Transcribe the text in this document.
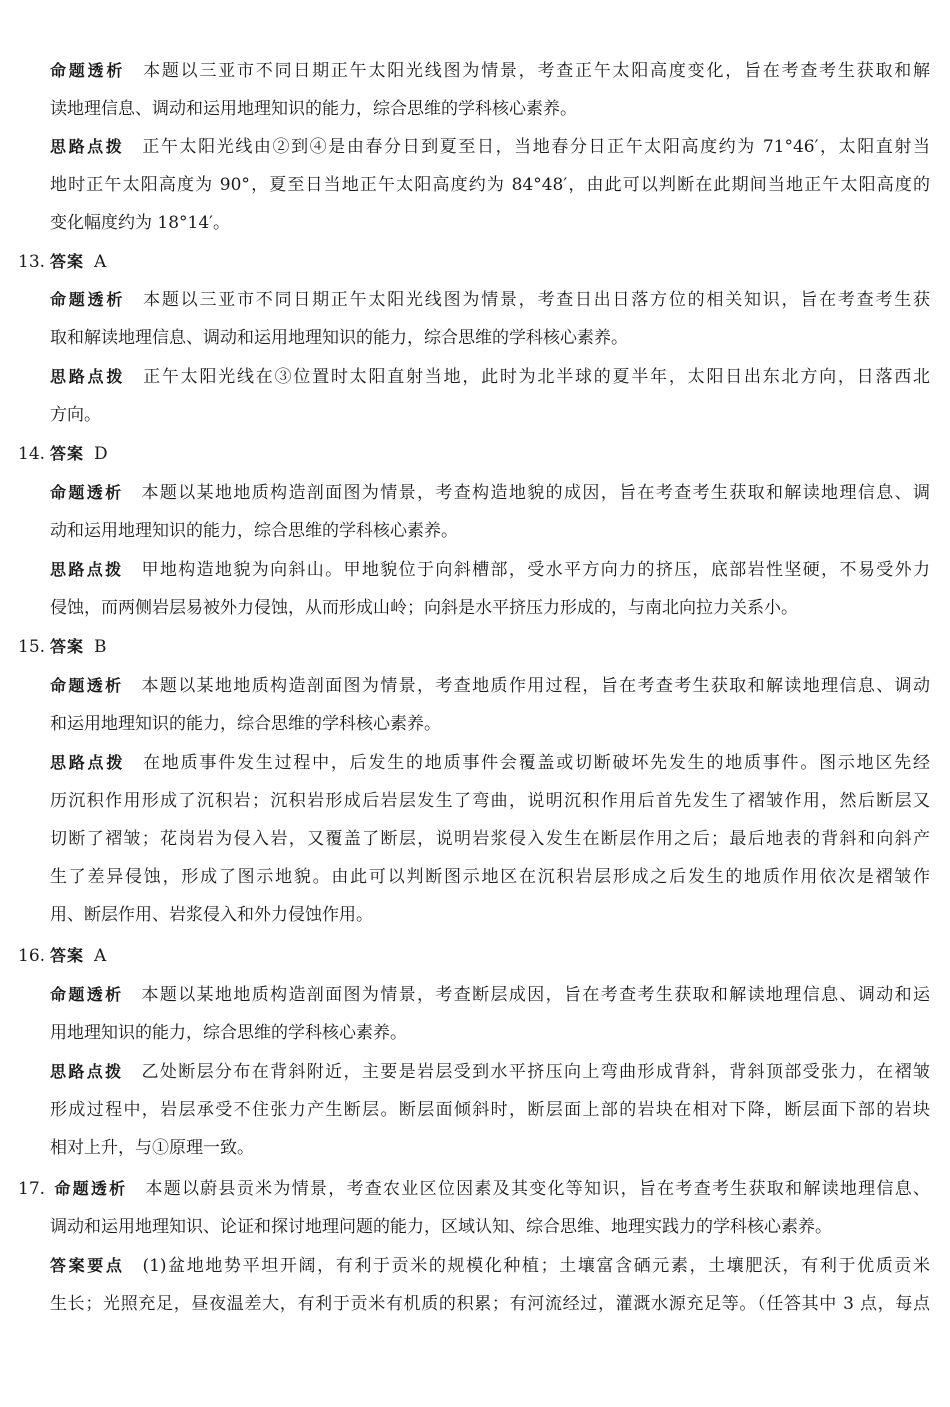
命题透析 本题以三亚市不同日期正午太阳光线图为情景，考查正午太阳高度变化，旨在考查考生获取和解
读地理信息、调动和运用地理知识的能力，综合思维的学科核心素养。
思路点拨 正午太阳光线由②到④是由春分日到夏至日，当地春分日正午太阳高度约为 71°46′，太阳直射当
地时正午太阳高度为 90°，夏至日当地正午太阳高度约为 84°48′，由此可以判断在此期间当地正午太阳高度的
变化幅度约为 18°14′。
13. 答案 A
命题透析 本题以三亚市不同日期正午太阳光线图为情景，考查日出日落方位的相关知识，旨在考查考生获
取和解读地理信息、调动和运用地理知识的能力，综合思维的学科核心素养。
思路点拨 正午太阳光线在③位置时太阳直射当地，此时为北半球的夏半年，太阳日出东北方向，日落西北
方向。
14. 答案 D
命题透析 本题以某地地质构造剖面图为情景，考查构造地貌的成因，旨在考查考生获取和解读地理信息、调
动和运用地理知识的能力，综合思维的学科核心素养。
思路点拨 甲地构造地貌为向斜山。甲地貌位于向斜槽部，受水平方向力的挤压，底部岩性坚硬，不易受外力
侵蚀，而两侧岩层易被外力侵蚀，从而形成山岭；向斜是水平挤压力形成的，与南北向拉力关系小。
15. 答案 B
命题透析 本题以某地地质构造剖面图为情景，考查地质作用过程，旨在考查考生获取和解读地理信息、调动
和运用地理知识的能力，综合思维的学科核心素养。
思路点拨 在地质事件发生过程中，后发生的地质事件会覆盖或切断破坏先发生的地质事件。图示地区先经
历沉积作用形成了沉积岩；沉积岩形成后岩层发生了弯曲，说明沉积作用后首先发生了褶皱作用，然后断层又
切断了褶皱；花岗岩为侵入岩，又覆盖了断层，说明岩浆侵入发生在断层作用之后；最后地表的背斜和向斜产
生了差异侵蚀，形成了图示地貌。由此可以判断图示地区在沉积岩层形成之后发生的地质作用依次是褶皱作
用、断层作用、岩浆侵入和外力侵蚀作用。
16. 答案 A
命题透析 本题以某地地质构造剖面图为情景，考查断层成因，旨在考查考生获取和解读地理信息、调动和运
用地理知识的能力，综合思维的学科核心素养。
思路点拨 乙处断层分布在背斜附近，主要是岩层受到水平挤压向上弯曲形成背斜，背斜顶部受张力，在褶皱
形成过程中，岩层承受不住张力产生断层。断层面倾斜时，断层面上部的岩块在相对下降，断层面下部的岩块
相对上升，与①原理一致。
17. 命题透析 本题以蔚县贡米为情景，考查农业区位因素及其变化等知识，旨在考查考生获取和解读地理信息、
调动和运用地理知识、论证和探讨地理问题的能力，区域认知、综合思维、地理实践力的学科核心素养。
答案要点 (1)盆地地势平坦开阔，有利于贡米的规模化种植；土壤富含硒元素，土壤肥沃，有利于优质贡米
生长；光照充足，昼夜温差大，有利于贡米有机质的积累；有河流经过，灌溉水源充足等。（任答其中 3 点，每点
